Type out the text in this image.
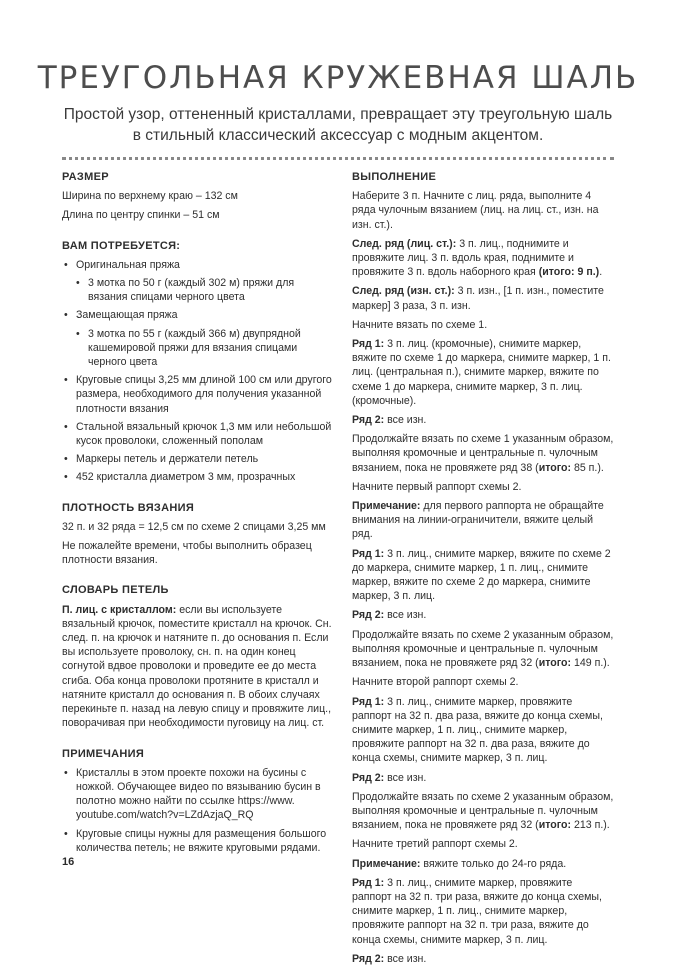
ТРЕУГОЛЬНАЯ КРУЖЕВНАЯ ШАЛЬ
Простой узор, оттененный кристаллами, превращает эту треугольную шаль
в стильный классический аксессуар с модным акцентом.
РАЗМЕР
Ширина по верхнему краю – 132 см
Длина по центру спинки – 51 см
ВАМ ПОТРЕБУЕТСЯ:
• Оригинальная пряжа
• 3 мотка по 50 г (каждый 302 м) пряжи для вязания спицами черного цвета
• Замещающая пряжа
• 3 мотка по 55 г (каждый 366 м) двупрядной кашемировой пряжи для вязания спицами черного цвета
• Круговые спицы 3,25 мм длиной 100 см или другого размера, необходимого для получения указанной плотности вязания
• Стальной вязальный крючок 1,3 мм или небольшой кусок проволоки, сложенный пополам
• Маркеры петель и держатели петель
• 452 кристалла диаметром 3 мм, прозрачных
ПЛОТНОСТЬ ВЯЗАНИЯ
32 п. и 32 ряда = 12,5 см по схеме 2 спицами 3,25 мм
Не пожалейте времени, чтобы выполнить образец плотности вязания.
СЛОВАРЬ ПЕТЕЛЬ
П. лиц. с кристаллом: если вы используете вязальный крючок, поместите кристалл на крючок. Сн. след. п. на крючок и натяните п. до основания п. Если вы используете проволоку, сн. п. на один конец согнутой вдвое проволоки и проведите ее до места сгиба. Оба конца проволоки протяните в кристалл и натяните кристалл до основания п. В обоих случаях перекиньте п. назад на левую спицу и провяжите лиц., поворачивая при необходимости пуговицу на лиц. ст.
ПРИМЕЧАНИЯ
• Кристаллы в этом проекте похожи на бусины с ножкой. Обучающее видео по вязыванию бусин в полотно можно найти по ссылке https://www. youtube.com/watch?v=LZdAzjaQ_RQ
• Круговые спицы нужны для размещения большого количества петель; не вяжите круговыми рядами.
16
ВЫПОЛНЕНИЕ
Наберите 3 п. Начните с лиц. ряда, выполните 4 ряда чулочным вязанием (лиц. на лиц. ст., изн. на изн. ст.).
След. ряд (лиц. ст.): 3 п. лиц., поднимите и провяжите лиц. 3 п. вдоль края, поднимите и провяжите 3 п. вдоль наборного края (итого: 9 п.).
След. ряд (изн. ст.): 3 п. изн., [1 п. изн., поместите маркер] 3 раза, 3 п. изн.
Начните вязать по схеме 1.
Ряд 1: 3 п. лиц. (кромочные), снимите маркер, вяжите по схеме 1 до маркера, снимите маркер, 1 п. лиц. (центральная п.), снимите маркер, вяжите по схеме 1 до маркера, снимите маркер, 3 п. лиц. (кромочные).
Ряд 2: все изн.
Продолжайте вязать по схеме 1 указанным образом, выполняя кромочные и центральные п. чулочным вязанием, пока не провяжете ряд 38 (итого: 85 п.).
Начните первый раппорт схемы 2.
Примечание: для первого раппорта не обращайте внимания на линии-ограничители, вяжите целый ряд.
Ряд 1: 3 п. лиц., снимите маркер, вяжите по схеме 2 до маркера, снимите маркер, 1 п. лиц., снимите маркер, вяжите по схеме 2 до маркера, снимите маркер, 3 п. лиц.
Ряд 2: все изн.
Продолжайте вязать по схеме 2 указанным образом, выполняя кромочные и центральные п. чулочным вязанием, пока не провяжете ряд 32 (итого: 149 п.).
Начните второй раппорт схемы 2.
Ряд 1: 3 п. лиц., снимите маркер, провяжите раппорт на 32 п. два раза, вяжите до конца схемы, снимите маркер, 1 п. лиц., снимите маркер, провяжите раппорт на 32 п. два раза, вяжите до конца схемы, снимите маркер, 3 п. лиц.
Ряд 2: все изн.
Продолжайте вязать по схеме 2 указанным образом, выполняя кромочные и центральные п. чулочным вязанием, пока не провяжете ряд 32 (итого: 213 п.).
Начните третий раппорт схемы 2.
Примечание: вяжите только до 24-го ряда.
Ряд 1: 3 п. лиц., снимите маркер, провяжите раппорт на 32 п. три раза, вяжите до конца схемы, снимите маркер, 1 п. лиц., снимите маркер, провяжите раппорт на 32 п. три раза, вяжите до конца схемы, снимите маркер, 3 п. лиц.
Ряд 2: все изн.
